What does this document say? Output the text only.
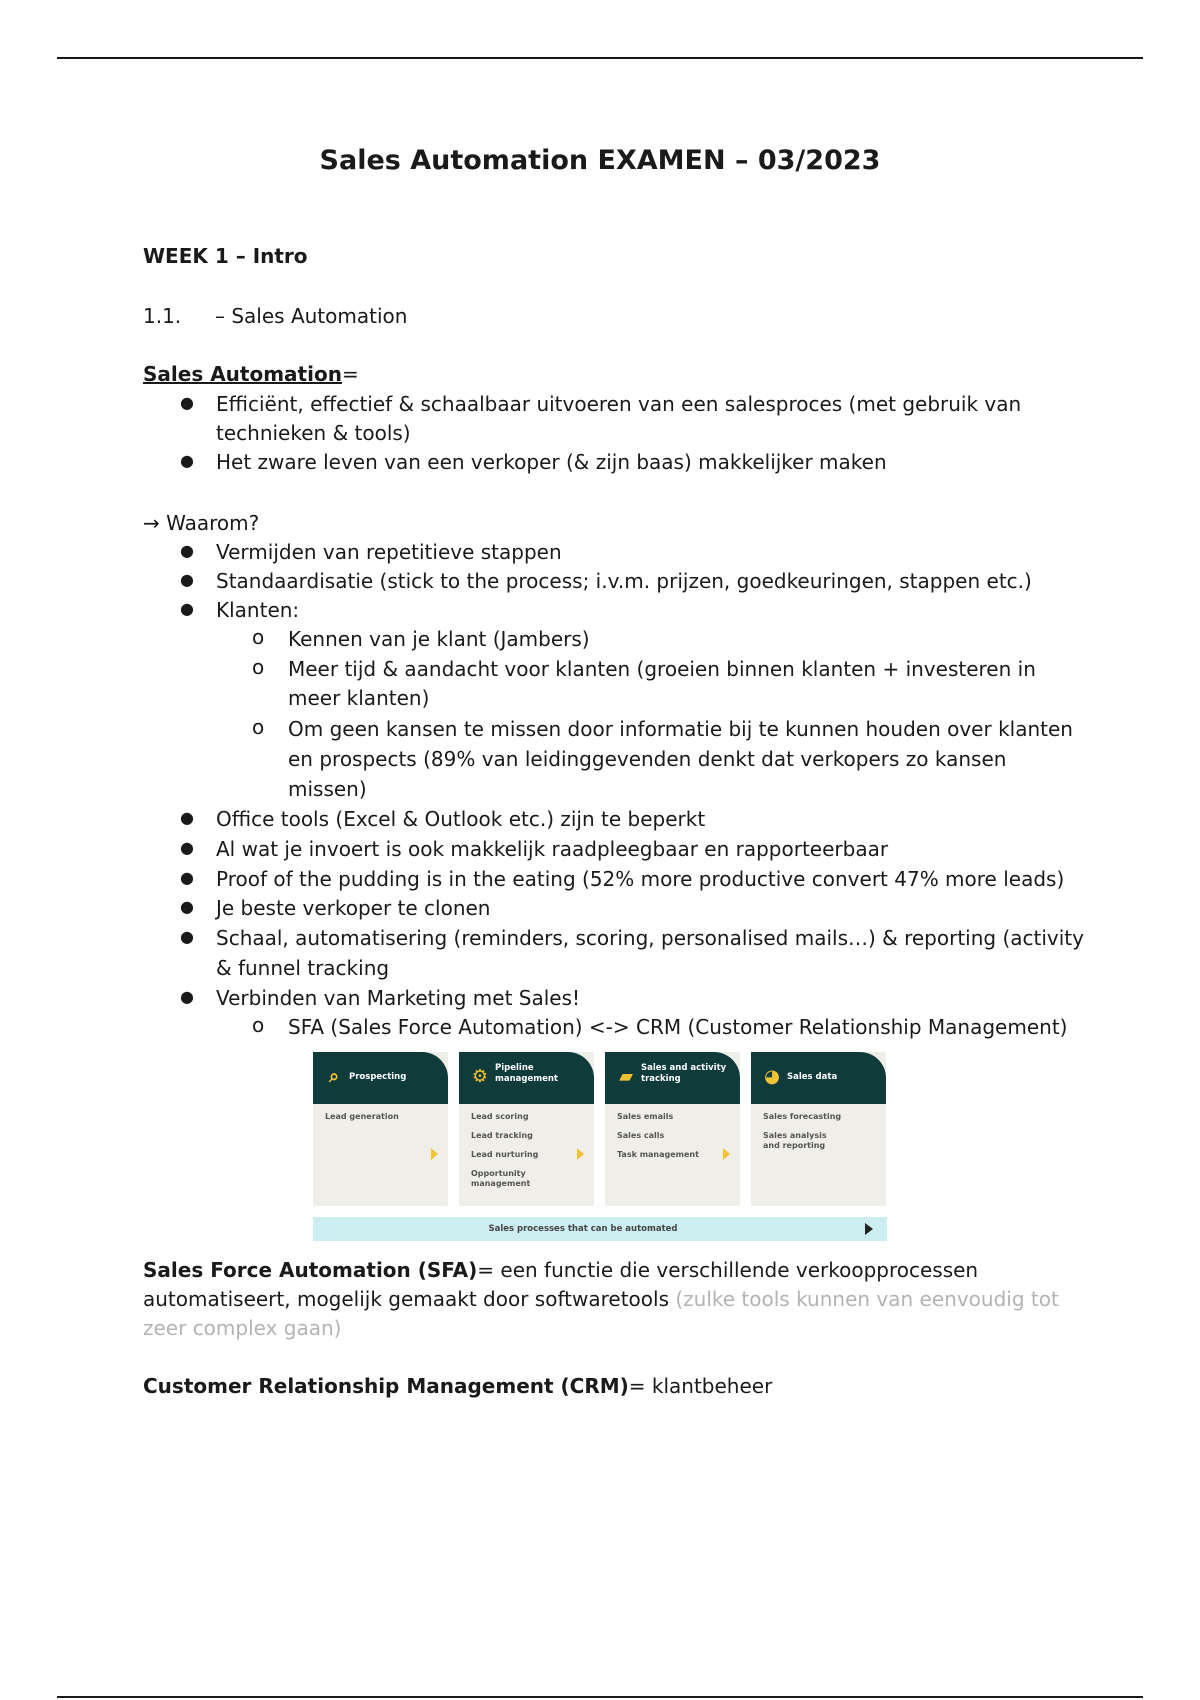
Sales Automation EXAMEN – 03/2023
WEEK 1 – Intro
1.1. – Sales Automation
Sales Automation=
● Efficiënt, effectief & schaalbaar uitvoeren van een salesproces (met gebruik van
technieken & tools)
● Het zware leven van een verkoper (& zijn baas) makkelijker maken
→ Waarom?
● Vermijden van repetitieve stappen
● Standaardisatie (stick to the process; i.v.m. prijzen, goedkeuringen, stappen etc.)
● Klanten:
o Kennen van je klant (Jambers)
o Meer tijd & aandacht voor klanten (groeien binnen klanten + investeren in
meer klanten)
o Om geen kansen te missen door informatie bij te kunnen houden over klanten
en prospects (89% van leidinggevenden denkt dat verkopers zo kansen
missen)
● Office tools (Excel & Outlook etc.) zijn te beperkt
● Al wat je invoert is ook makkelijk raadpleegbaar en rapporteerbaar
● Proof of the pudding is in the eating (52% more productive convert 47% more leads)
● Je beste verkoper te clonen
● Schaal, automatisering (reminders, scoring, personalised mails…) & reporting (activity
& funnel tracking
● Verbinden van Marketing met Sales!
o SFA (Sales Force Automation) <-> CRM (Customer Relationship Management)
⌕	Prospecting
Lead generation
⚙ Pipeline management
Lead scoring
Lead tracking
Lead nurturing
Opportunity management
▰ Sales and activity tracking
Sales emails
Sales calls
Task management
◕ Sales data
Sales forecasting
Sales analysis and reporting
Sales processes that can be automated
Sales Force Automation (SFA)= een functie die verschillende verkoopprocessen
automatiseert, mogelijk gemaakt door softwaretools (zulke tools kunnen van eenvoudig tot
zeer complex gaan)
Customer Relationship Management (CRM)= klantbeheer
